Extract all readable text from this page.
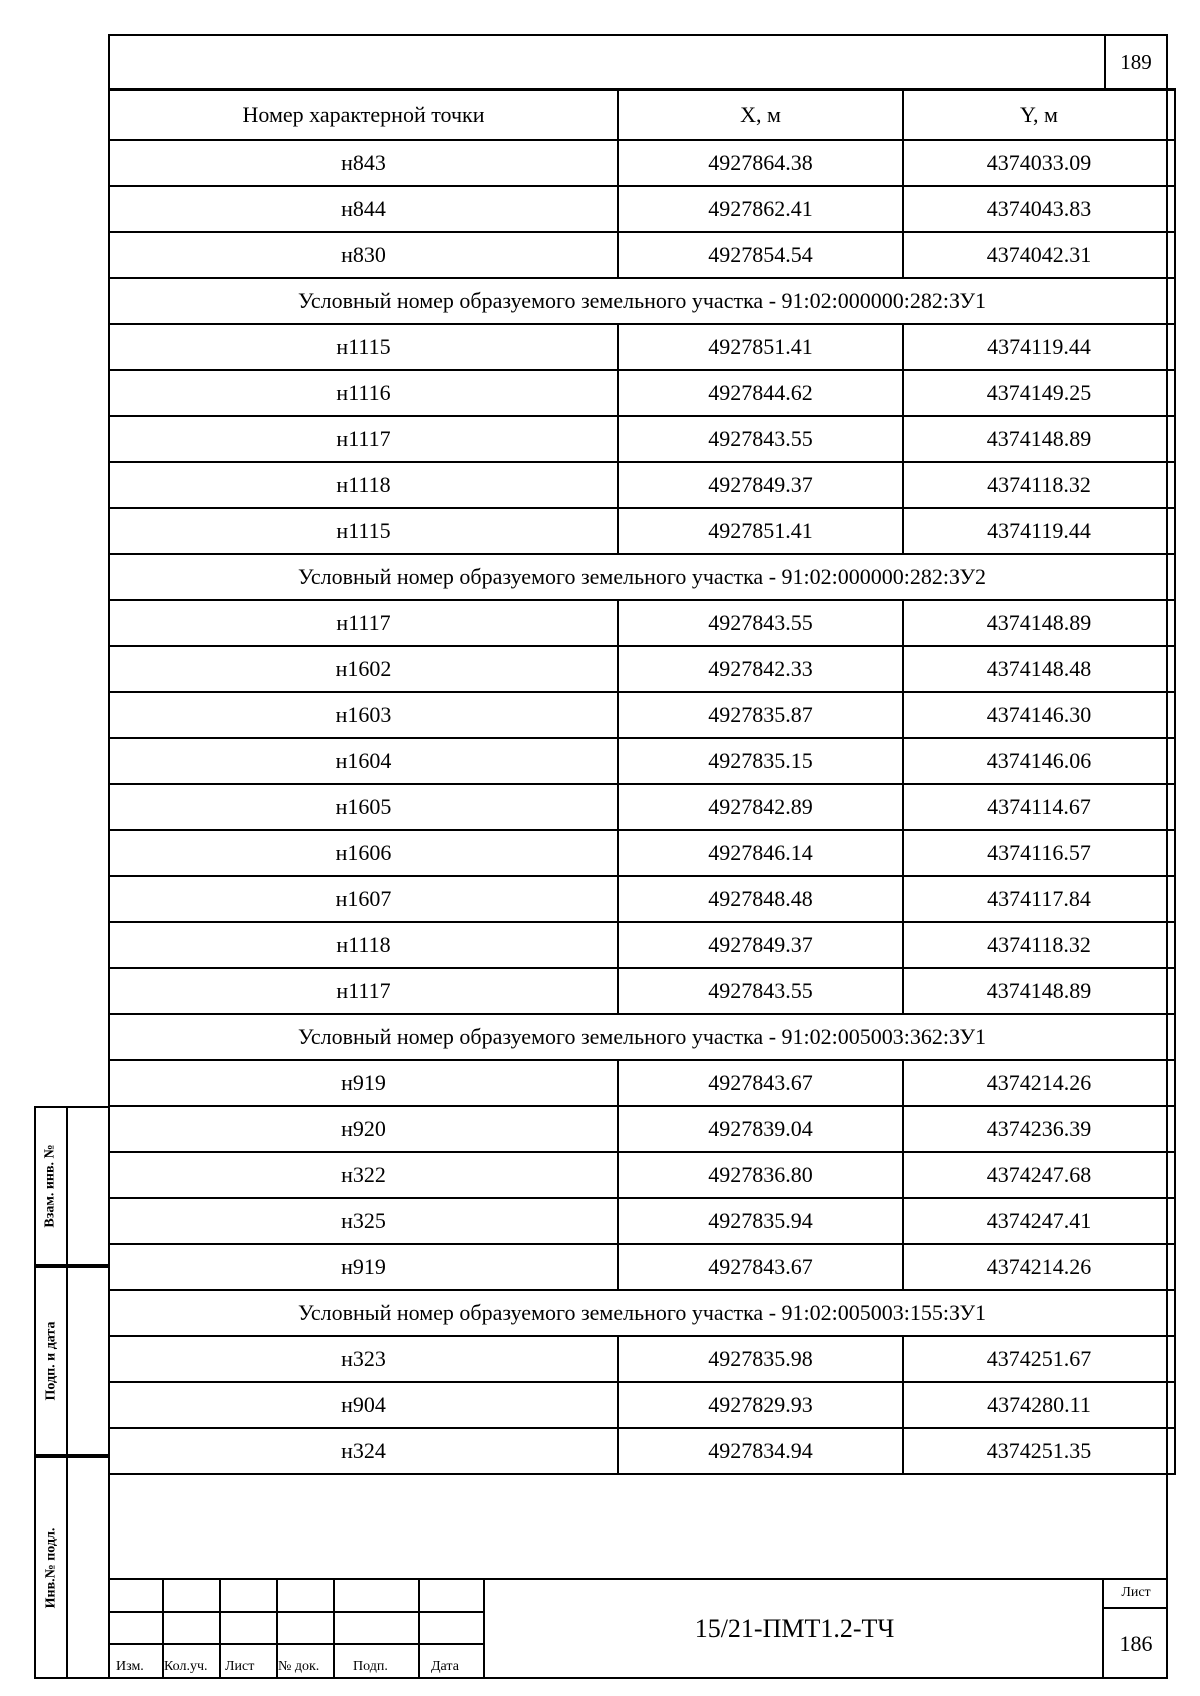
189
Номер характерной точки	X, м	Y, м
н843	4927864.38	4374033.09
н844	4927862.41	4374043.83
н830	4927854.54	4374042.31
Условный номер образуемого земельного участка - 91:02:000000:282:ЗУ1		
н1115	4927851.41	4374119.44
н1116	4927844.62	4374149.25
н1117	4927843.55	4374148.89
н1118	4927849.37	4374118.32
н1115	4927851.41	4374119.44
Условный номер образуемого земельного участка - 91:02:000000:282:ЗУ2		
н1117	4927843.55	4374148.89
н1602	4927842.33	4374148.48
н1603	4927835.87	4374146.30
н1604	4927835.15	4374146.06
н1605	4927842.89	4374114.67
н1606	4927846.14	4374116.57
н1607	4927848.48	4374117.84
н1118	4927849.37	4374118.32
н1117	4927843.55	4374148.89
Условный номер образуемого земельного участка - 91:02:005003:362:ЗУ1		
н919	4927843.67	4374214.26
н920	4927839.04	4374236.39
н322	4927836.80	4374247.68
н325	4927835.94	4374247.41
н919	4927843.67	4374214.26
Условный номер образуемого земельного участка - 91:02:005003:155:ЗУ1		
н323	4927835.98	4374251.67
н904	4927829.93	4374280.11
н324	4927834.94	4374251.35
Взам. инв. №
Подп. и дата
Инв.№ подл.
Изм. Кол.уч. Лист № док. Подп.	Дата
15/21-ПМТ1.2-ТЧ
Лист
186
